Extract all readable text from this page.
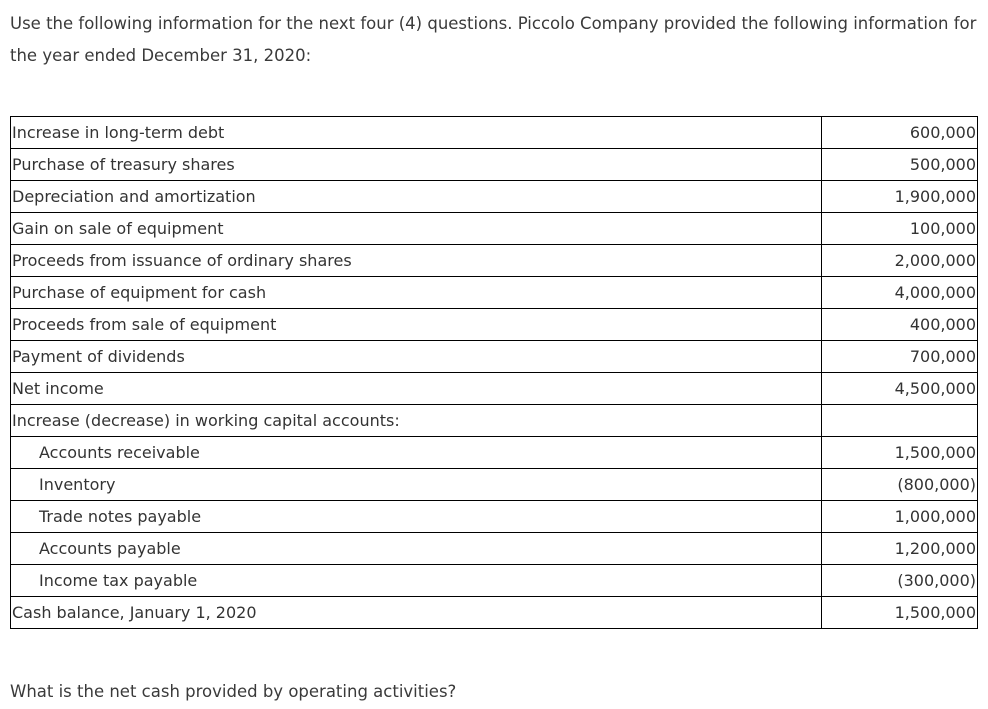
Use the following information for the next four (4) questions. Piccolo Company provided the following information for
the year ended December 31, 2020:
Increase in long-term debt	600,000
Purchase of treasury shares	500,000
Depreciation and amortization	1,900,000
Gain on sale of equipment	100,000
Proceeds from issuance of ordinary shares	2,000,000
Purchase of equipment for cash	4,000,000
Proceeds from sale of equipment	400,000
Payment of dividends	700,000
Net income	4,500,000
Increase (decrease) in working capital accounts:	
Accounts receivable	1,500,000
Inventory	(800,000)
Trade notes payable	1,000,000
Accounts payable	1,200,000
Income tax payable	(300,000)
Cash balance, January 1, 2020	1,500,000
What is the net cash provided by operating activities?
